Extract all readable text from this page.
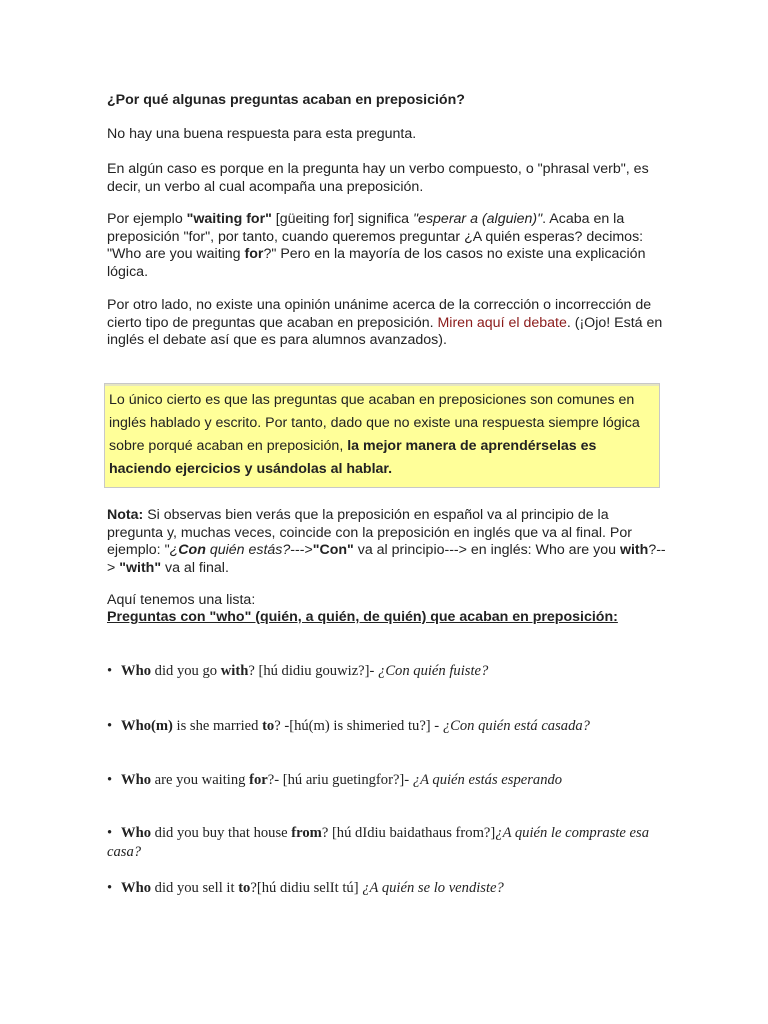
¿Por qué algunas preguntas acaban en preposición?

No hay una buena respuesta para esta pregunta.

En algún caso es porque en la pregunta hay un verbo compuesto, o "phrasal verb", es decir, un verbo al cual acompaña una preposición.

Por ejemplo "waiting for" [güeiting for] significa "esperar a (alguien)". Acaba en la preposición "for", por tanto, cuando queremos preguntar ¿A quién esperas? decimos: "Who are you waiting for?" Pero en la mayoría de los casos no existe una explicación lógica.

Por otro lado, no existe una opinión unánime acerca de la corrección o incorrección de cierto tipo de preguntas que acaban en preposición. Miren aquí el debate. (¡Ojo! Está en inglés el debate así que es para alumnos avanzados).

Lo único cierto es que las preguntas que acaban en preposiciones son comunes en inglés hablado y escrito. Por tanto, dado que no existe una respuesta siempre lógica sobre porqué acaban en preposición, la mejor manera de aprendérselas es haciendo ejercicios y usándolas al hablar.

Nota: Si observas bien verás que la preposición en español va al principio de la pregunta y, muchas veces, coincide con la preposición en inglés que va al final. Por ejemplo: "¿Con quién estás?--->"Con" va al principio---> en inglés: Who are you with?--> "with" va al final.

Aquí tenemos una lista:

Preguntas con "who" (quién, a quién, de quién) que acaban en preposición:

• Who did you go with? [hú didiu gouwiz?]- ¿Con quién fuiste?
• Who(m) is she married to? -[hú(m) is shimeried tu?] - ¿Con quién está casada?
• Who are you waiting for?- [hú ariu guetingfor?]- ¿A quién estás esperando
• Who did you buy that house from? [hú dIdiu baidathaus from?]¿A quién le compraste esa casa?
• Who did you sell it to?[hú didiu selIt tú] ¿A quién se lo vendiste?
